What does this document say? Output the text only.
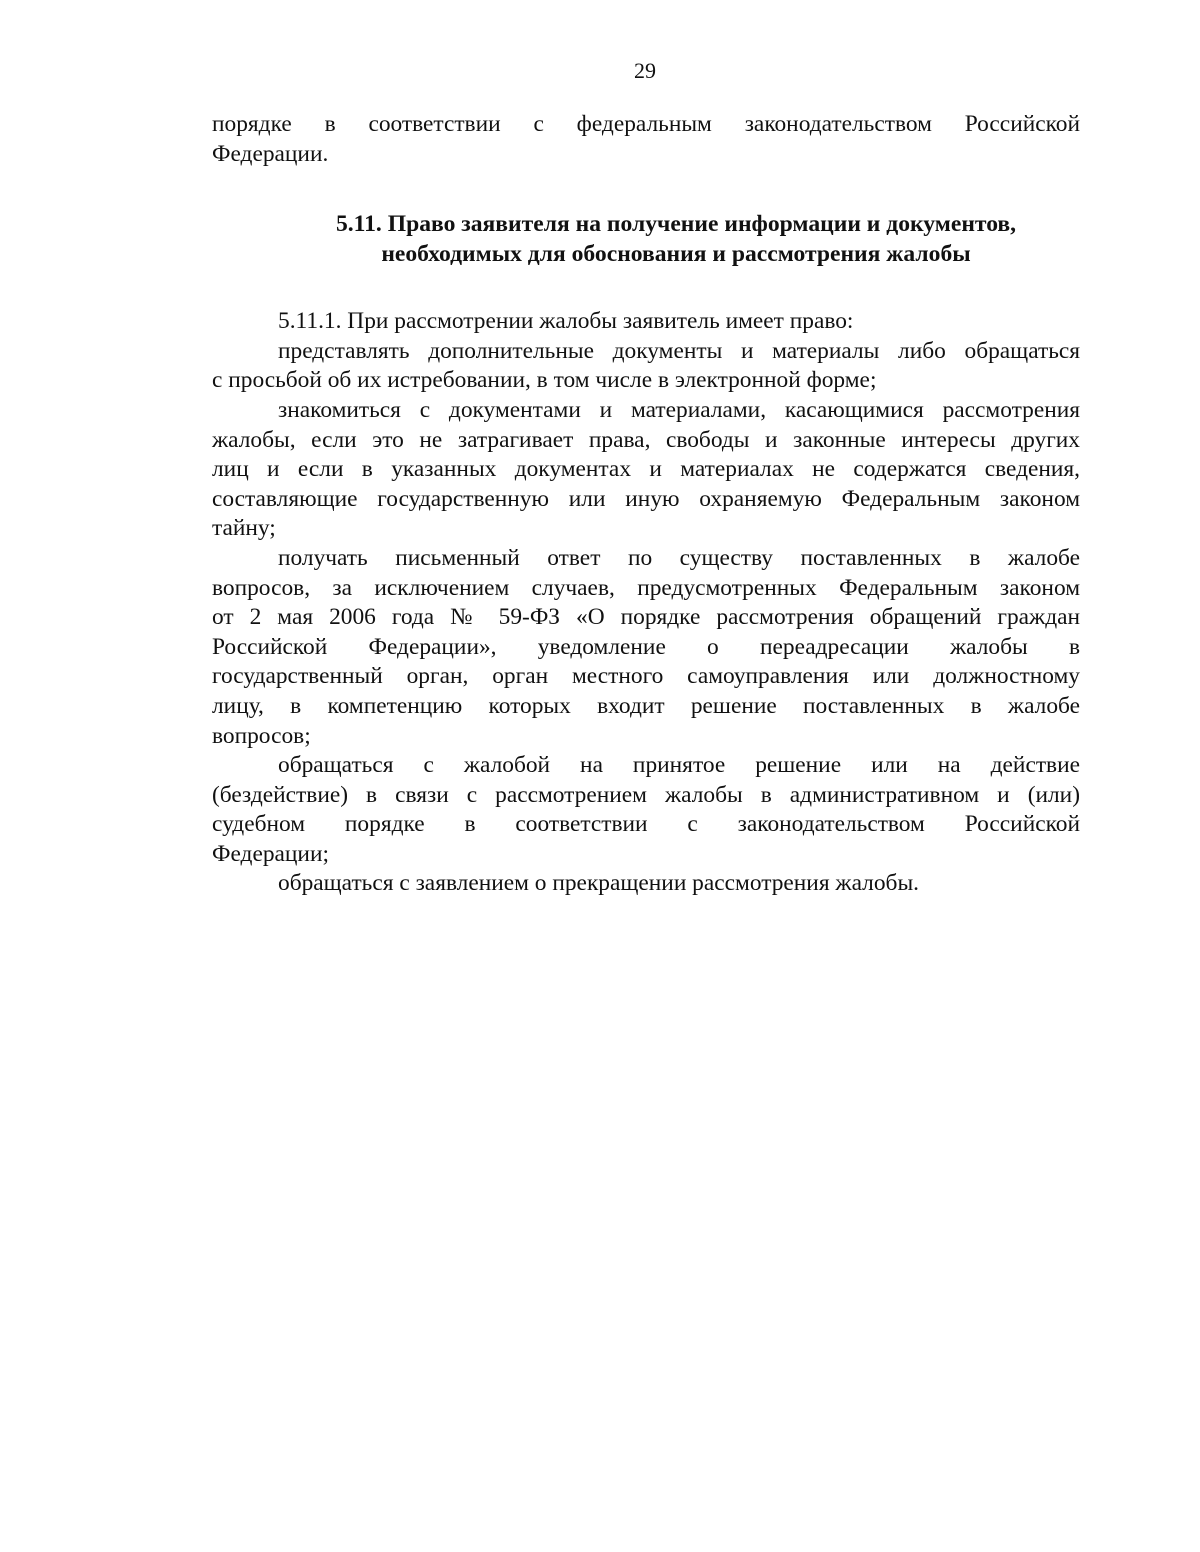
29

порядке в соответствии с федеральным законодательством Российской

Федерации.

5.11. Право заявителя на получение информации и документов,
необходимых для обоснования и рассмотрения жалобы

5.11.1. При рассмотрении жалобы заявитель имеет право:

представлять дополнительные документы и материалы либо обращаться

с просьбой об их истребовании, в том числе в электронной форме;

знакомиться с документами и материалами, касающимися рассмотрения

жалобы, если это не затрагивает права, свободы и законные интересы других

лиц и если в указанных документах и материалах не содержатся сведения,

составляющие государственную или иную охраняемую Федеральным законом

тайну;

получать письменный ответ по существу поставленных в жалобе

вопросов, за исключением случаев, предусмотренных Федеральным законом

от 2 мая 2006 года № 59-ФЗ «О порядке рассмотрения обращений граждан

Российской Федерации», уведомление о переадресации жалобы в

государственный орган, орган местного самоуправления или должностному

лицу, в компетенцию которых входит решение поставленных в жалобе

вопросов;

обращаться с жалобой на принятое решение или на действие

(бездействие) в связи с рассмотрением жалобы в административном и (или)

судебном порядке в соответствии с законодательством Российской

Федерации;

обращаться с заявлением о прекращении рассмотрения жалобы.
